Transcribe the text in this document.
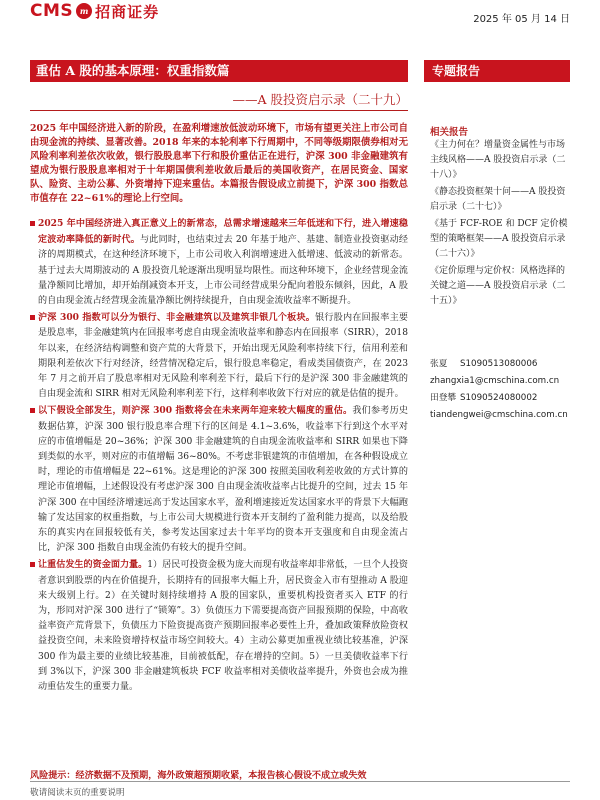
CMS m 招商证券	2025 年 05 月 14 日
重估 A 股的基本原理：权重指数篇
——A 股投资启示录（二十九）
2025 年中国经济进入新的阶段，在盈利增速放低波动环境下，市场有望更关注上市公司自由现金流的持续、显著改善。2018 年来的本轮利率下行周期中，不同等级期限债券相对无风险利率利差依次收敛，银行股股息率下行和股价重估正在进行，沪深 300 非金融建筑有望成为银行股股息率相对于十年期国债利差收敛后最后的美国收资产，在居民资金、国家队、险资、主动公募、外资增持下迎来重估。本篇报告假设成立前提下，沪深 300 指数总市值存在 22~61%的理论上行空间。

2025 年中国经济进入真正意义上的新常态，总需求增速越来三年低迷和下行，进入增速稳定波动率降低的新时代。与此同时，也结束过去 20 年基于地产、基建、制造业投资驱动经济的周期模式，在这种经济环境下，上市公司收入利润增速进入低增速、低波动的新常态。基于过去大周期波动的 A 股投资几轮逐渐出现明显均限性。而这种环境下，企业经营现金流量净额同比增加，却开始削减资本开支，上市公司经营成果分配向着股东倾斜，因此，A 股的自由现金流占经营现金流量净额比例持续提升，自由现金流收益率不断提升。

沪深 300 指数可以分为银行、非金融建筑以及建筑非银几个板块。银行股内在回报率主要是股息率，非金融建筑内在回报率考虑自由现金流收益率和静态内在回报率（SIRR），2018 年以来，在经济结构调整和资产荒的大背景下，开始出现无风险利率持续下行，信用利差和期限利差依次下行对经济，经营情况稳定后，银行股息率稳定，看成类国债资产，在 2023 年 7 月之前开启了股息率相对无风险利率利差下行，最后下行的是沪深 300 非金融建筑的自由现金流和 SIRR 相对无风险利率利差下行，这样利率收敛下行对应的就是估值的提升。

以下假设全部发生，则沪深 300 指数将会在未来两年迎来较大幅度的重估。我们参考历史数据估算，沪深 300 银行股息率合理下行的区间是 4.1~3.6%，收益率下行到这个水平对应的市值增幅是 20~36%；沪深 300 非金融建筑的自由现金流收益率和 SIRR 如果也下降到类似的水平，则对应的市值增幅 36~80%。不考虑非银建筑的市值增加，在各种假设成立时，理论的市值增幅是 22~61%。这是理论的沪深 300 按照美国收利差收敛的方式计算的理论市值增幅，上述假设没有考虑沪深 300 自由现金流收益率占比提升的空间，过去 15 年沪深 300 在中国经济增速远高于发达国家水平，盈利增速接近发达国家水平的背景下大幅跑输了发达国家的权重指数，与上市公司大规模进行资本开支制约了盈利能力提高，以及给股东的真实内在回报较低有关，参考发达国家过去十年平均的资本开支强度和自由现金流占比，沪深 300 指数自由现金流仍有较大的提升空间。

让重估发生的资金面力量。1）居民可投资金极为庞大而现有收益率却非常低，一旦个人投资者意识到股票的内在价值提升，长期持有的回报率大幅上升，居民资金入市有望推动 A 股迎来大级别上行。2）在关键时刻持续增持 A 股的国家队，重要机构投资者买入 ETF 的行为，形同对沪深 300 进行了“锁筹”。3）负债压力下需要提高资产回报预期的保险，中高收益率资产荒背景下，负债压力下险资提高资产预期回报率必要性上升，叠加政策释放险资权益投资空间，未来险资增持权益市场空间较大。4）主动公募更加重视业绩比较基准，沪深 300 作为最主要的业绩比较基准，目前被低配，存在增持的空间。5）一旦美债收益率下行到 3%以下，沪深 300 非金融建筑板块 FCF 收益率相对美债收益率提升，外资也会成为推动重估发生的重要力量。

风险提示：经济数据不及预期，海外政策超预期收紧，本报告核心假设不成立或失效
敬请阅读末页的重要说明
专题报告
相关报告
《主力何在？增量资金属性与市场主线风格——A 股投资启示录（二十八）》
《静态投资框架十问——A 股投资启示录（二十七）》
《基于 FCF-ROE 和 DCF 定价模型的策略框架——A 股投资启示录（二十六）》
《定价原理与定价权：风格选择的关键之道——A 股投资启示录（二十五）》
张夏	S1090513080006
zhangxia1@cmschina.com.cn
田登攀 S1090524080002
tiandengwei@cmschina.com.cn
